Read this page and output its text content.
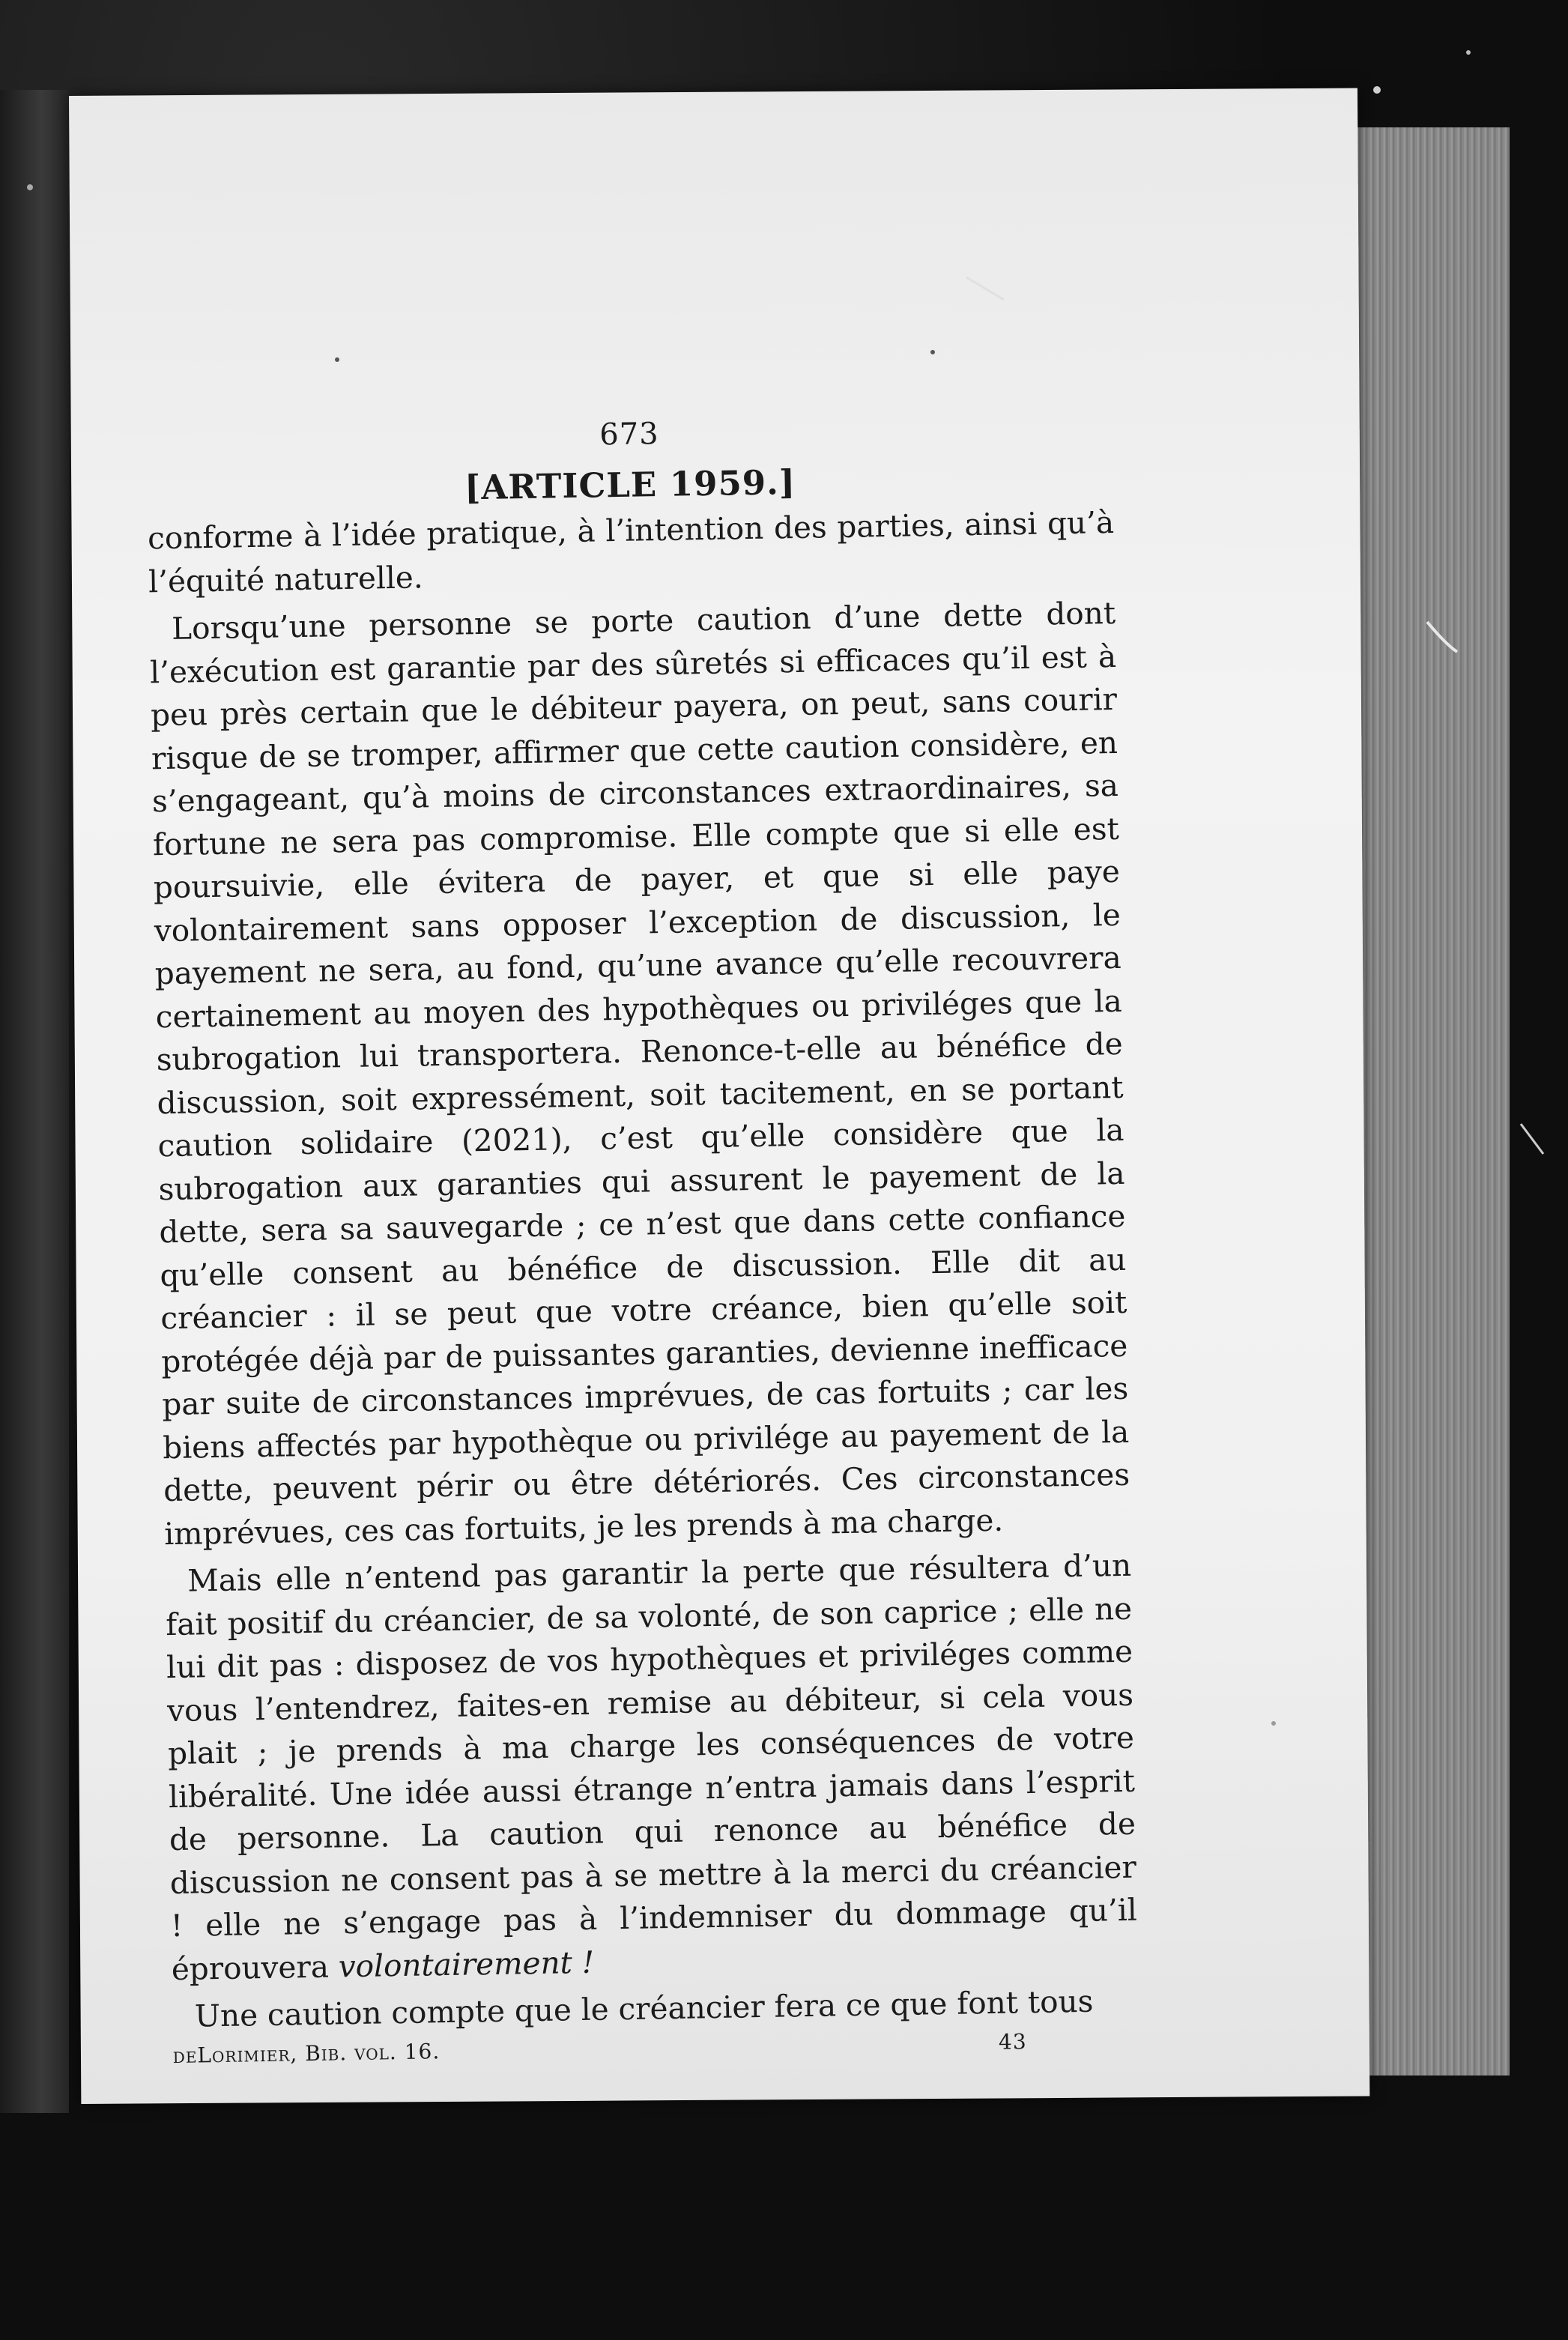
673
[ARTICLE 1959.]

conforme à l’idée pratique, à l’intention des parties, ainsi qu’à l’équité naturelle.

Lorsqu’une personne se porte caution d’une dette dont l’exécution est garantie par des sûretés si efficaces qu’il est à peu près certain que le débiteur payera, on peut, sans courir risque de se tromper, affirmer que cette caution considère, en s’engageant, qu’à moins de circonstances extraordinaires, sa fortune ne sera pas compromise. Elle compte que si elle est poursuivie, elle évitera de payer, et que si elle paye volontairement sans opposer l’exception de discussion, le payement ne sera, au fond, qu’une avance qu’elle recouvrera certainement au moyen des hypothèques ou priviléges que la subrogation lui transportera. Renonce-t-elle au bénéfice de discussion, soit expressément, soit tacitement, en se portant caution solidaire (2021), c’est qu’elle considère que la subrogation aux garanties qui assurent le payement de la dette, sera sa sauvegarde ; ce n’est que dans cette confiance qu’elle consent au bénéfice de discussion. Elle dit au créancier : il se peut que votre créance, bien qu’elle soit protégée déjà par de puissantes garanties, devienne inefficace par suite de circonstances imprévues, de cas fortuits ; car les biens affectés par hypothèque ou privilége au payement de la dette, peuvent périr ou être détériorés. Ces circonstances imprévues, ces cas fortuits, je les prends à ma charge.

Mais elle n’entend pas garantir la perte que résultera d’un fait positif du créancier, de sa volonté, de son caprice ; elle ne lui dit pas : disposez de vos hypothèques et priviléges comme vous l’entendrez, faites-en remise au débiteur, si cela vous plait ; je prends à ma charge les conséquences de votre libéralité. Une idée aussi étrange n’entra jamais dans l’esprit de personne. La caution qui renonce au bénéfice de discussion ne consent pas à se mettre à la merci du créancier ! elle ne s’engage pas à l’indemniser du dommage qu’il éprouvera volontairement !

Une caution compte que le créancier fera ce que font tous

deLorimier, Bib. vol. 16.	43
